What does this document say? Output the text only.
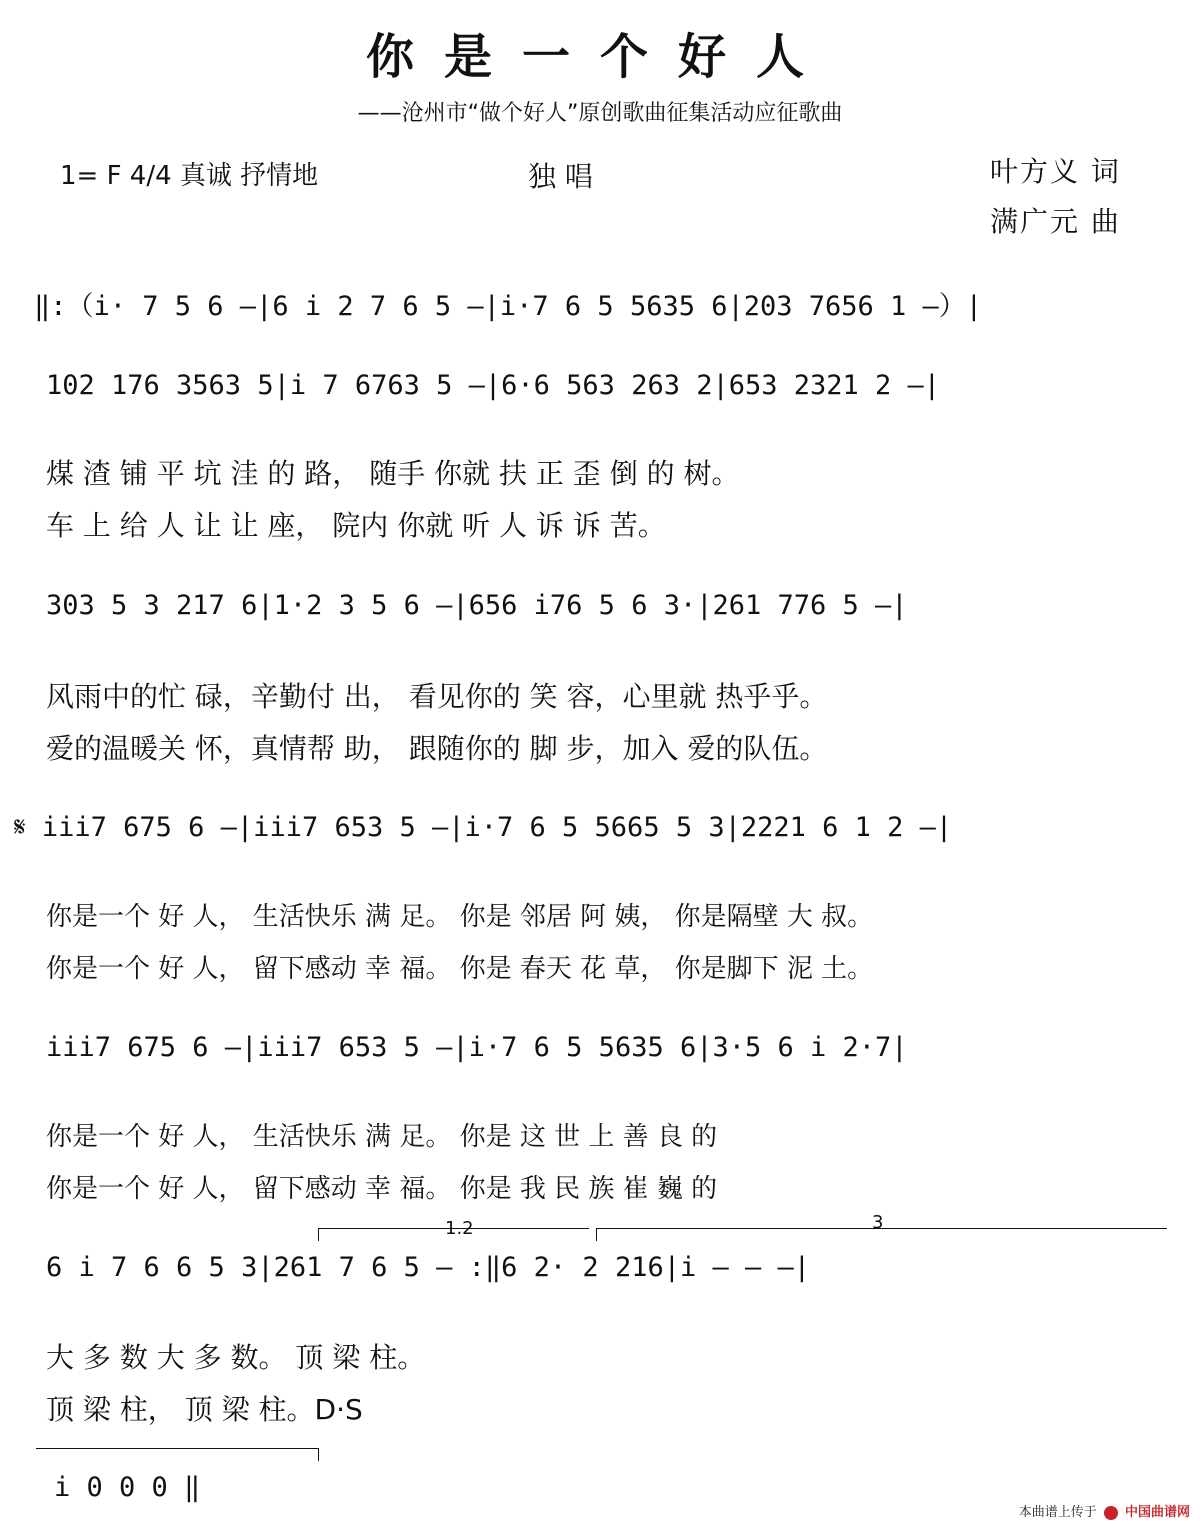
你是一个好人
——沧州市“做个好人”原创歌曲征集活动应征歌曲
1= F 4/4 真诚 抒情地	独 唱	叶方义 词
满广元 曲
‖:（i· 7 5 6 –|6 i 2 7 6 5 –|i·7 6 5 5635 6|203 7656 1 –）|
102 176 3563 5|i 7 6763 5 –|6·6 563 263 2|653 2321 2 –|
煤 渣 铺 平 坑 洼 的 路， 随手 你就 扶 正 歪 倒 的 树。
车 上 给 人 让 让 座， 院内 你就 听 人 诉 诉 苦。
303 5 3 217 6|1·2 3 5 6 –|656 i76 5 6 3·|261 776 5 –|
风雨中的忙 碌，辛勤付 出， 看见你的 笑 容，心里就 热乎乎。
爱的温暖关 怀，真情帮 助， 跟随你的 脚 步，加入 爱的队伍。
𝄋 iii7 675 6 –|iii7 653 5 –|i·7 6 5 5665 5 3|2221 6 1 2 –|
你是一个 好 人， 生活快乐 满 足。 你是 邻居 阿 姨， 你是隔壁 大 叔。
你是一个 好 人， 留下感动 幸 福。 你是 春天 花 草， 你是脚下 泥 土。
iii7 675 6 –|iii7 653 5 –|i·7 6 5 5635 6|3·5 6 i 2·7|
你是一个 好 人， 生活快乐 满 足。 你是 这 世 上 善 良 的
你是一个 好 人， 留下感动 幸 福。 你是 我 民 族 崔 巍 的
1.2	3
6 i 7 6 6 5 3|261 7 6 5 – :‖6 2· 2 216|i – – –|
大 多 数 大 多 数。 顶 梁 柱。
顶 梁 柱， 顶 梁 柱。D·S
i 0 0 0 ‖
本曲谱上传于 中国曲谱网
